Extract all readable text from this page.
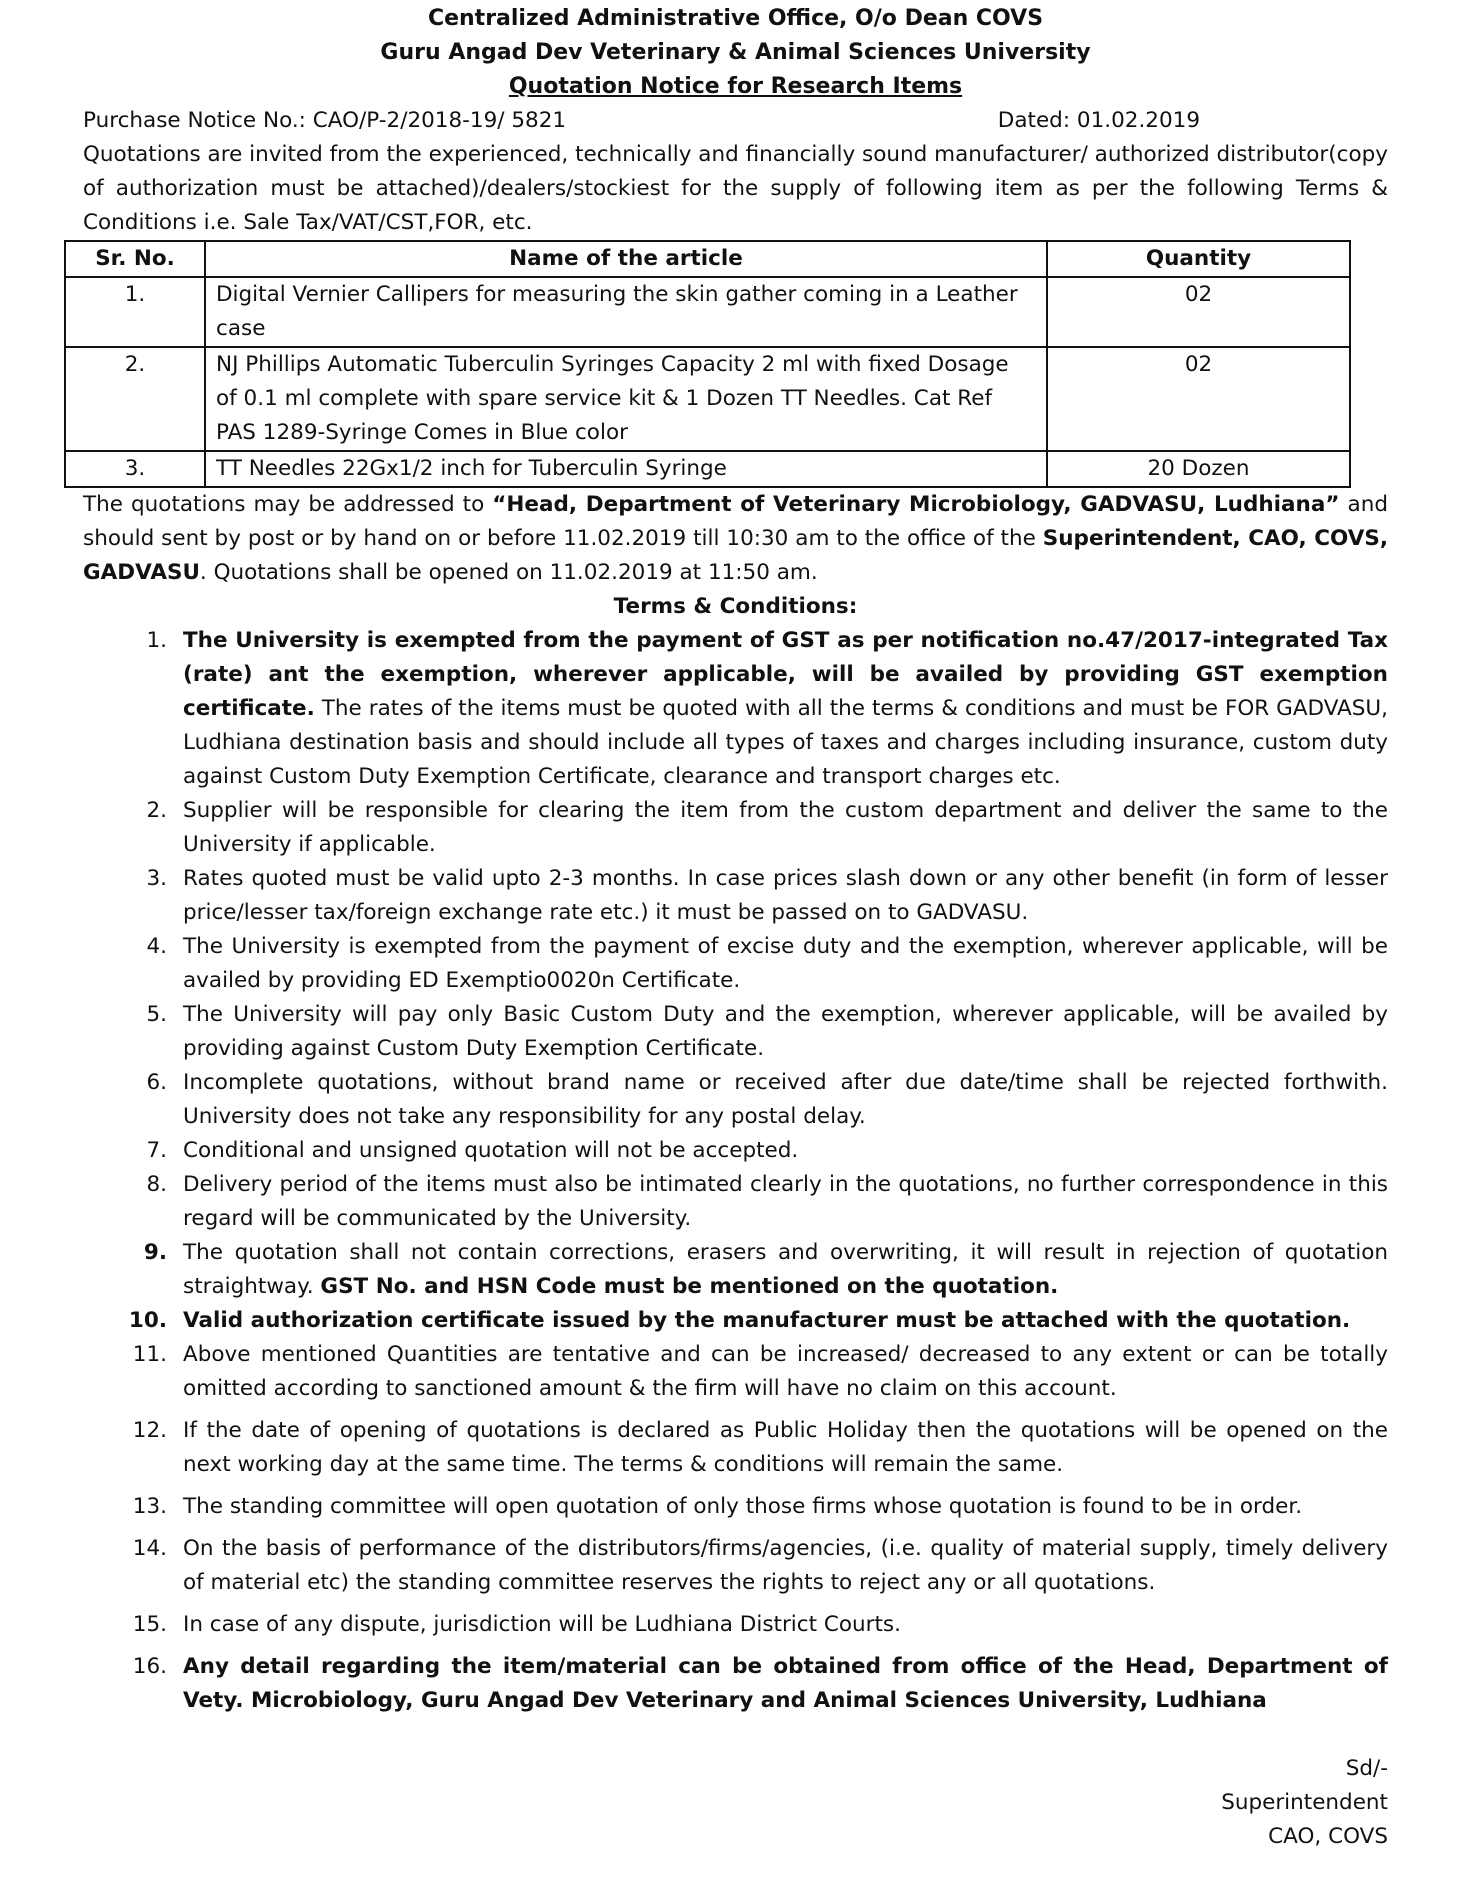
Centralized Administrative Office, O/o Dean COVS
Guru Angad Dev Veterinary & Animal Sciences University
Quotation Notice for Research Items
Purchase Notice No.: CAO/P-2/2018-19/ 5821	Dated: 01.02.2019
Quotations are invited from the experienced, technically and financially sound manufacturer/ authorized distributor(copy of authorization must be attached)/dealers/stockiest for the supply of following item as per the following Terms & Conditions i.e. Sale Tax/VAT/CST,FOR, etc.
Sr. No.	Name of the article	Quantity
1.	Digital Vernier Callipers for measuring the skin gather coming in a Leather case	02
2.	NJ Phillips Automatic Tuberculin Syringes Capacity 2 ml with fixed Dosage of 0.1 ml complete with spare service kit & 1 Dozen TT Needles. Cat Ref PAS 1289-Syringe Comes in Blue color	02
3.	TT Needles 22Gx1/2 inch for Tuberculin Syringe	20 Dozen
The quotations may be addressed to “Head, Department of Veterinary Microbiology, GADVASU, Ludhiana” and should sent by post or by hand on or before 11.02.2019 till 10:30 am to the office of the Superintendent, CAO, COVS, GADVASU. Quotations shall be opened on 11.02.2019 at 11:50 am.
Terms & Conditions:
1. The University is exempted from the payment of GST as per notification no.47/2017-integrated Tax (rate) ant the exemption, wherever applicable, will be availed by providing GST exemption certificate. The rates of the items must be quoted with all the terms & conditions and must be FOR GADVASU, Ludhiana destination basis and should include all types of taxes and charges including insurance, custom duty against Custom Duty Exemption Certificate, clearance and transport charges etc.
2. Supplier will be responsible for clearing the item from the custom department and deliver the same to the University if applicable.
3. Rates quoted must be valid upto 2-3 months. In case prices slash down or any other benefit (in form of lesser price/lesser tax/foreign exchange rate etc.) it must be passed on to GADVASU.
4. The University is exempted from the payment of excise duty and the exemption, wherever applicable, will be availed by providing ED Exemptio0020n Certificate.
5. The University will pay only Basic Custom Duty and the exemption, wherever applicable, will be availed by providing against Custom Duty Exemption Certificate.
6. Incomplete quotations, without brand name or received after due date/time shall be rejected forthwith. University does not take any responsibility for any postal delay.
7. Conditional and unsigned quotation will not be accepted.
8. Delivery period of the items must also be intimated clearly in the quotations, no further correspondence in this regard will be communicated by the University.
9. The quotation shall not contain corrections, erasers and overwriting, it will result in rejection of quotation straightway. GST No. and HSN Code must be mentioned on the quotation.
10. Valid authorization certificate issued by the manufacturer must be attached with the quotation.
11. Above mentioned Quantities are tentative and can be increased/ decreased to any extent or can be totally omitted according to sanctioned amount & the firm will have no claim on this account.
12. If the date of opening of quotations is declared as Public Holiday then the quotations will be opened on the next working day at the same time. The terms & conditions will remain the same.
13. The standing committee will open quotation of only those firms whose quotation is found to be in order.
14. On the basis of performance of the distributors/firms/agencies, (i.e. quality of material supply, timely delivery of material etc) the standing committee reserves the rights to reject any or all quotations.
15. In case of any dispute, jurisdiction will be Ludhiana District Courts.
16. Any detail regarding the item/material can be obtained from office of the Head, Department of Vety. Microbiology, Guru Angad Dev Veterinary and Animal Sciences University, Ludhiana
Sd/-
Superintendent
CAO, COVS
